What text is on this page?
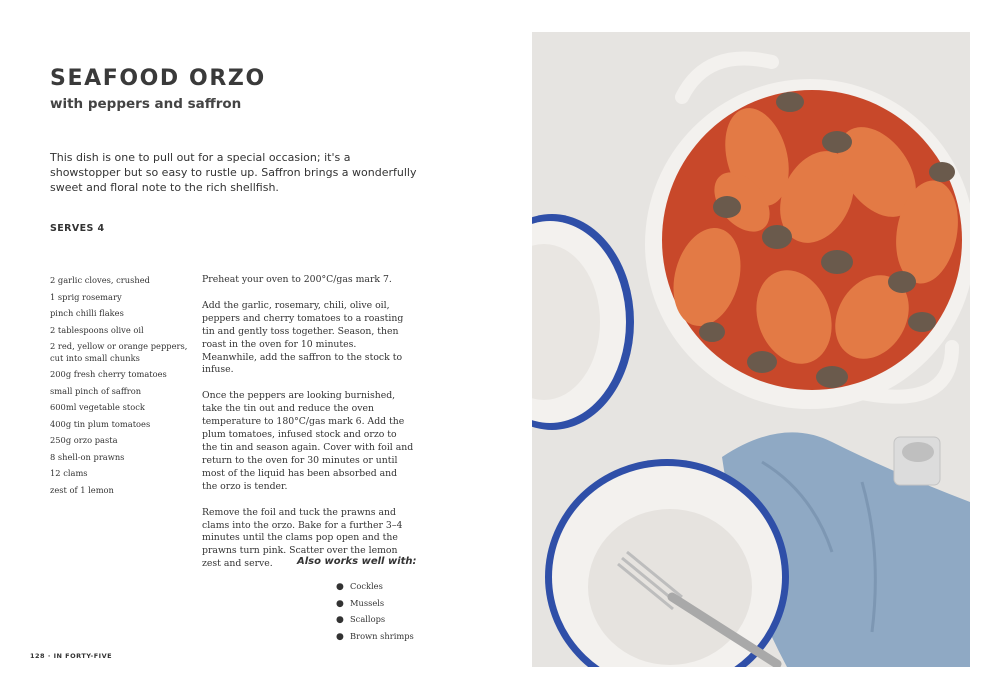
SEAFOOD ORZO
with peppers and saffron

This dish is one to pull out for a special occasion; it's a showstopper but so easy to rustle up. Saffron brings a wonderfully sweet and floral note to the rich shellfish.

SERVES 4

2 garlic cloves, crushed
1 sprig rosemary
pinch chilli flakes
2 tablespoons olive oil
2 red, yellow or orange peppers, cut into small chunks
200g fresh cherry tomatoes
small pinch of saffron
600ml vegetable stock
400g tin plum tomatoes
250g orzo pasta
8 shell-on prawns
12 clams
zest of 1 lemon

Preheat your oven to 200°C/gas mark 7.

Add the garlic, rosemary, chili, olive oil, peppers and cherry tomatoes to a roasting tin and gently toss together. Season, then roast in the oven for 10 minutes. Meanwhile, add the saffron to the stock to infuse.

Once the peppers are looking burnished, take the tin out and reduce the oven temperature to 180°C/gas mark 6. Add the plum tomatoes, infused stock and orzo to the tin and season again. Cover with foil and return to the oven for 30 minutes or until most of the liquid has been absorbed and the orzo is tender.

Remove the foil and tuck the prawns and clams into the orzo. Bake for a further 3–4 minutes until the clams pop open and the prawns turn pink. Scatter over the lemon zest and serve.	Also works well with:

● Cockles
● Mussels
● Scallops
● Brown shrimps

128 · IN FORTY-FIVE
